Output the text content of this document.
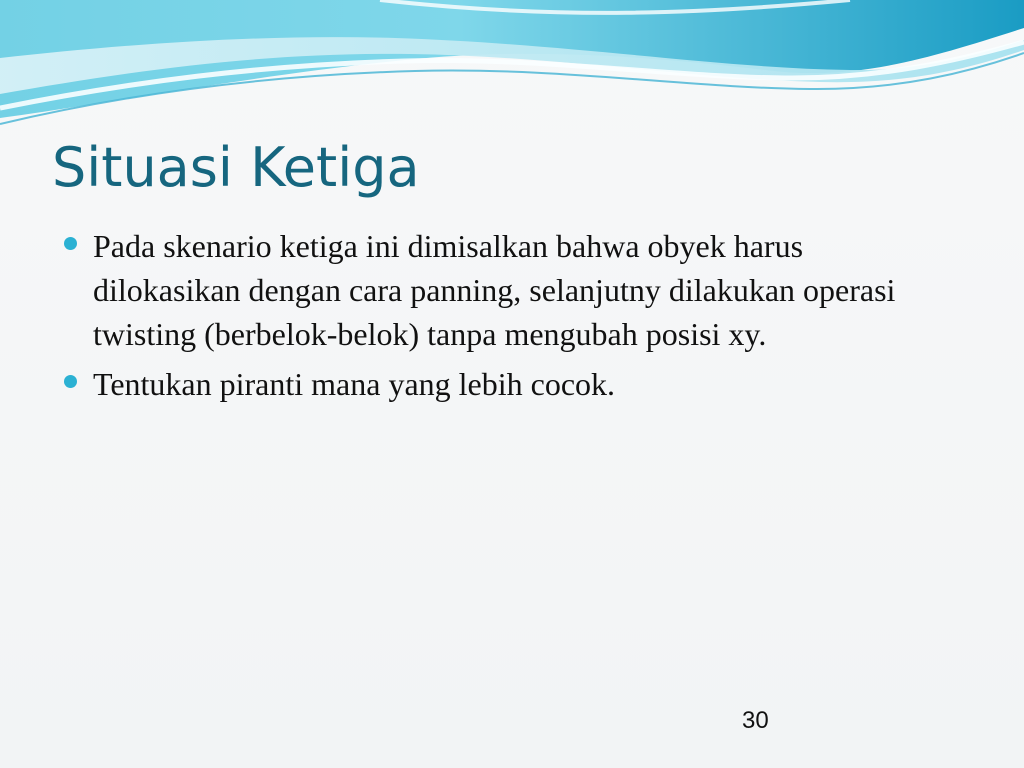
Situasi Ketiga
Pada skenario ketiga ini dimisalkan bahwa obyek harus dilokasikan dengan cara panning, selanjutny dilakukan operasi twisting (berbelok-belok) tanpa mengubah posisi xy.
Tentukan piranti mana yang lebih cocok.
30
